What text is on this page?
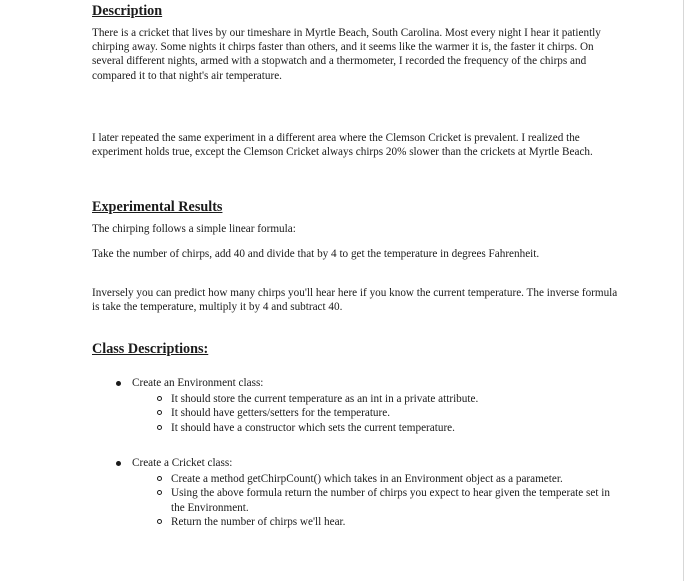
Description

There is a cricket that lives by our timeshare in Myrtle Beach, South Carolina. Most every night I hear it patiently chirping away. Some nights it chirps faster than others, and it seems like the warmer it is, the faster it chirps. On several different nights, armed with a stopwatch and a thermometer, I recorded the frequency of the chirps and compared it to that night's air temperature.

I later repeated the same experiment in a different area where the Clemson Cricket is prevalent. I realized the experiment holds true, except the Clemson Cricket always chirps 20% slower than the crickets at Myrtle Beach.

Experimental Results

The chirping follows a simple linear formula:

Take the number of chirps, add 40 and divide that by 4 to get the temperature in degrees Fahrenheit.

Inversely you can predict how many chirps you'll hear here if you know the current temperature. The inverse formula is take the temperature, multiply it by 4 and subtract 40.

Class Descriptions:
Create an Environment class:
It should store the current temperature as an int in a private attribute.
It should have getters/setters for the temperature.
It should have a constructor which sets the current temperature.
Create a Cricket class:
Create a method getChirpCount() which takes in an Environment object as a parameter.
Using the above formula return the number of chirps you expect to hear given the temperate set in the Environment.
Return the number of chirps we'll hear.
